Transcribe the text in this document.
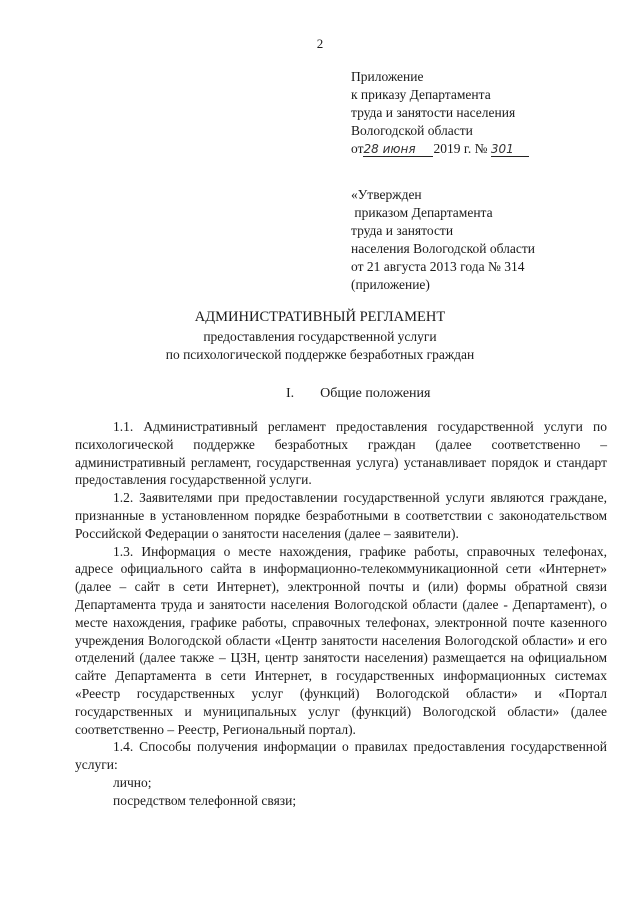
2
Приложение
к приказу Департамента
труда и занятости населения
Вологодской области
от28 июня 2019 г. № 301
«Утвержден
приказом Департамента
труда и занятости
населения Вологодской области
от 21 августа 2013 года № 314
(приложение)
АДМИНИСТРАТИВНЫЙ РЕГЛАМЕНТ
предоставления государственной услуги
по психологической поддержке безработных граждан
I. Общие положения

1.1. Административный регламент предоставления государственной услуги по психологической поддержке безработных граждан (далее соответственно – административный регламент, государственная услуга) устанавливает порядок и стандарт предоставления государственной услуги.

1.2. Заявителями при предоставлении государственной услуги являются граждане, признанные в установленном порядке безработными в соответствии с законодательством Российской Федерации о занятости населения (далее – заявители).

1.3. Информация о месте нахождения, графике работы, справочных телефонах, адресе официального сайта в информационно-телекоммуникационной сети «Интернет» (далее – сайт в сети Интернет), электронной почты и (или) формы обратной связи Департамента труда и занятости населения Вологодской области (далее - Департамент), о месте нахождения, графике работы, справочных телефонах, электронной почте казенного учреждения Вологодской области «Центр занятости населения Вологодской области» и его отделений (далее также – ЦЗН, центр занятости населения) размещается на официальном сайте Департамента в сети Интернет, в государственных информационных системах «Реестр государственных услуг (функций) Вологодской области» и «Портал государственных и муниципальных услуг (функций) Вологодской области» (далее соответственно – Реестр, Региональный портал).

1.4. Способы получения информации о правилах предоставления государственной услуги:

лично;

посредством телефонной связи;
